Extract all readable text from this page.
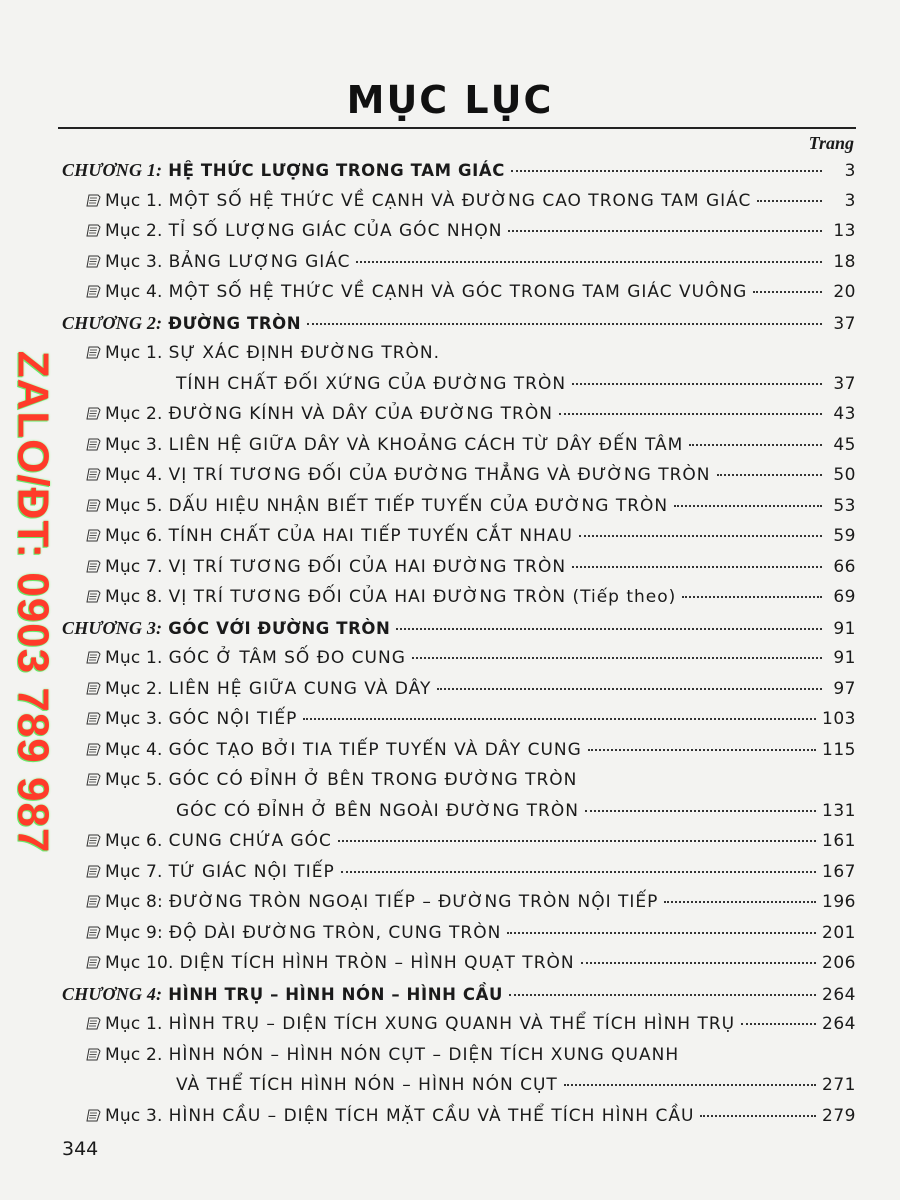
MỤC LỤC
Trang
CHƯƠNG 1: HỆ THỨC LƯỢNG TRONG TAM GIÁC	3
Mục 1. MỘT SỐ HỆ THỨC VỀ CẠNH VÀ ĐƯỜNG CAO TRONG TAM GIÁC	3
Mục 2. TỈ SỐ LƯỢNG GIÁC CỦA GÓC NHỌN	13
Mục 3. BẢNG LƯỢNG GIÁC	18
Mục 4. MỘT SỐ HỆ THỨC VỀ CẠNH VÀ GÓC TRONG TAM GIÁC VUÔNG	20
CHƯƠNG 2: ĐƯỜNG TRÒN	37
Mục 1. SỰ XÁC ĐỊNH ĐƯỜNG TRÒN.
TÍNH CHẤT ĐỐI XỨNG CỦA ĐƯỜNG TRÒN	37
Mục 2. ĐƯỜNG KÍNH VÀ DÂY CỦA ĐƯỜNG TRÒN	43
Mục 3. LIÊN HỆ GIỮA DÂY VÀ KHOẢNG CÁCH TỪ DÂY ĐẾN TÂM	45
Mục 4. VỊ TRÍ TƯƠNG ĐỐI CỦA ĐƯỜNG THẲNG VÀ ĐƯỜNG TRÒN	50
Mục 5. DẤU HIỆU NHẬN BIẾT TIẾP TUYẾN CỦA ĐƯỜNG TRÒN	53
Mục 6. TÍNH CHẤT CỦA HAI TIẾP TUYẾN CẮT NHAU	59
Mục 7. VỊ TRÍ TƯƠNG ĐỐI CỦA HAI ĐƯỜNG TRÒN	66
Mục 8. VỊ TRÍ TƯƠNG ĐỐI CỦA HAI ĐƯỜNG TRÒN (Tiếp theo)	69
CHƯƠNG 3: GÓC VỚI ĐƯỜNG TRÒN	91
Mục 1. GÓC Ở TÂM SỐ ĐO CUNG	91
Mục 2. LIÊN HỆ GIỮA CUNG VÀ DÂY	97
Mục 3. GÓC NỘI TIẾP	103
Mục 4. GÓC TẠO BỞI TIA TIẾP TUYẾN VÀ DÂY CUNG	115
Mục 5. GÓC CÓ ĐỈNH Ở BÊN TRONG ĐƯỜNG TRÒN
GÓC CÓ ĐỈNH Ở BÊN NGOÀI ĐƯỜNG TRÒN	131
Mục 6. CUNG CHỨA GÓC	161
Mục 7. TỨ GIÁC NỘI TIẾP	167
Mục 8: ĐƯỜNG TRÒN NGOẠI TIẾP – ĐƯỜNG TRÒN NỘI TIẾP	196
Mục 9: ĐỘ DÀI ĐƯỜNG TRÒN, CUNG TRÒN	201
Mục 10. DIỆN TÍCH HÌNH TRÒN – HÌNH QUẠT TRÒN	206
CHƯƠNG 4: HÌNH TRỤ – HÌNH NÓN – HÌNH CẦU	264
Mục 1. HÌNH TRỤ – DIỆN TÍCH XUNG QUANH VÀ THỂ TÍCH HÌNH TRỤ	264
Mục 2. HÌNH NÓN – HÌNH NÓN CỤT – DIỆN TÍCH XUNG QUANH
VÀ THỂ TÍCH HÌNH NÓN – HÌNH NÓN CỤT	271
Mục 3. HÌNH CẦU – DIỆN TÍCH MẶT CẦU VÀ THỂ TÍCH HÌNH CẦU	279
344
ZALO/ĐT: 0903 789 987
